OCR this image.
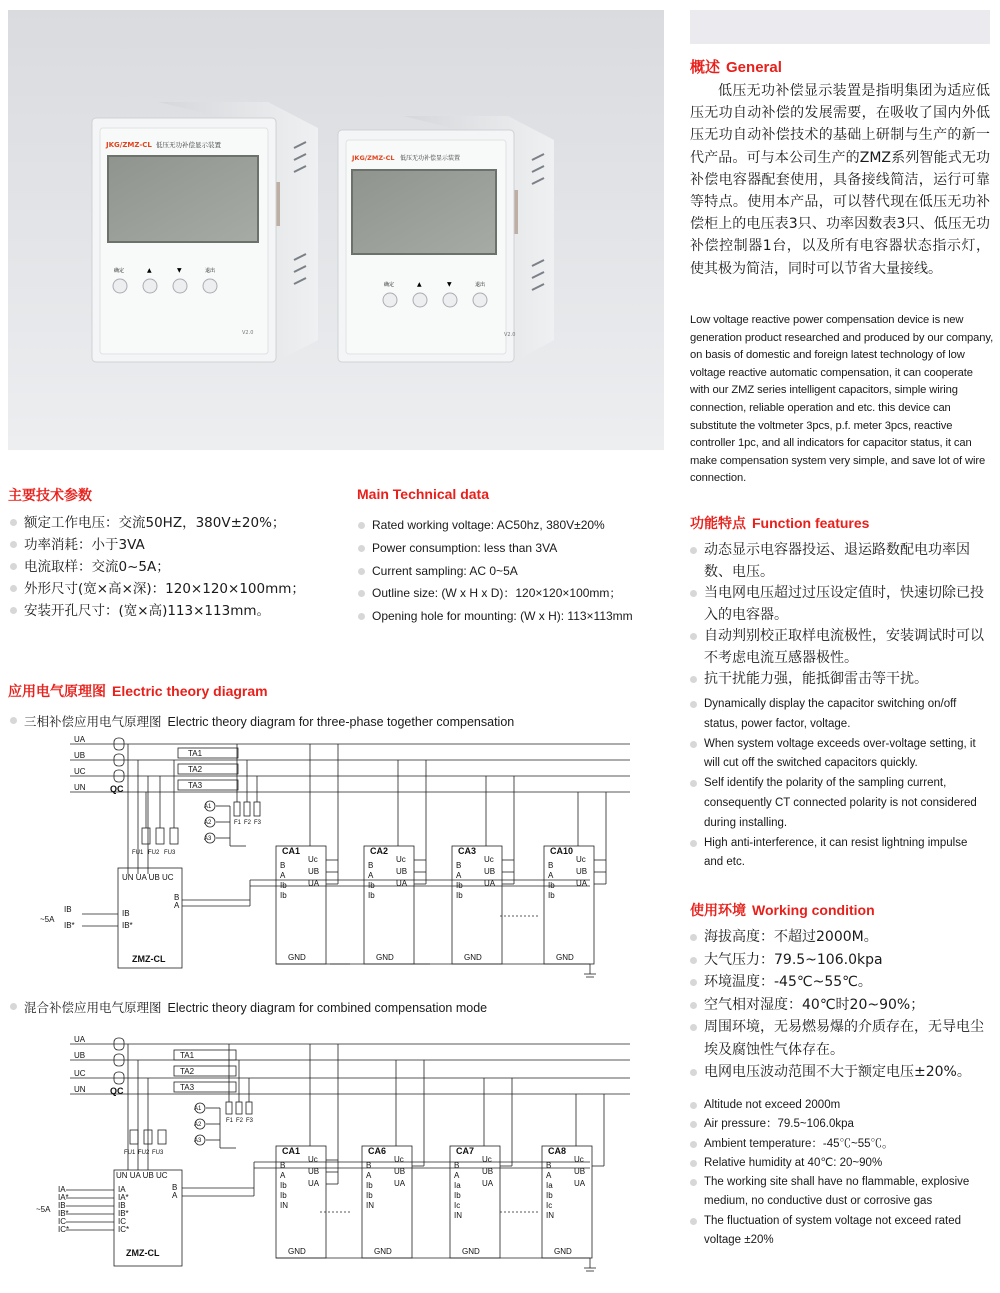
JKG/ZMZ-CL 低压无功补偿显示装置
确定	▲	▼	退出
V2.0
JKG/ZMZ-CL 低压无功补偿显示装置
确定	▲	▼	退出
V2.0
概述 General
低压无功补偿显示装置是指明集团为适应低压无功自动补偿的发展需要，在吸收了国内外低压无功自动补偿技术的基础上研制与生产的新一代产品。可与本公司生产的ZMZ系列智能式无功补偿电容器配套使用，具备接线简洁，运行可靠等特点。使用本产品，可以替代现在低压无功补偿柜上的电压表3只、功率因数表3只、低压无功补偿控制器1台，以及所有电容器状态指示灯，使其极为简洁，同时可以节省大量接线。
Low voltage reactive power compensation device is new generation product researched and produced by our company, on basis of domestic and foreign latest technology of low voltage reactive automatic compensation, it can cooperate with our ZMZ series intelligent capacitors, simple wiring connection, reliable operation and etc. this device can substitute the voltmeter 3pcs, p.f. meter 3pcs, reactive controller 1pc, and all indicators for capacitor status, it can make compensation system very simple, and save lot of wire connection.
主要技术参数	Main Technical data
额定工作电压：交流50HZ，380V±20%；
功率消耗：小于3VA
电流取样：交流0~5A；
外形尺寸(宽×高×深)：120×120×100mm；
安装开孔尺寸：(宽×高)113×113mm。
Rated working voltage: AC50hz, 380V±20%
Power consumption: less than 3VA
Current sampling: AC 0~5A
Outline size: (W x H x D)：120×120×100mm；
Opening hole for mounting: (W x H): 113×113mm
功能特点 Function features
动态显示电容器投运、退运路数配电功率因数、电压。
当电网电压超过过压设定值时，快速切除已投入的电容器。
自动判别校正取样电流极性，安装调试时可以不考虑电流互感器极性。
抗干扰能力强，能抵御雷击等干扰。
Dynamically display the capacitor switching on/off status, power factor, voltage.
When system voltage exceeds over-voltage setting, it will cut off the switched capacitors quickly.
Self identify the polarity of the sampling current, consequently CT connected polarity is not considered during installing.
High anti-interference, it can resist lightning impulse and etc.
使用环境 Working condition
海拔高度：不超过2000M。
大气压力：79.5~106.0kpa
环境温度：-45℃~55℃。
空气相对湿度：40℃时20~90%；
周围环境，无易燃易爆的介质存在，无导电尘埃及腐蚀性气体存在。
电网电压波动范围不大于额定电压±20%。
Altitude not exceed 2000m
Air pressure：79.5~106.0kpa
Ambient temperature：-45℃~55℃。
Relative humidity at 40℃: 20~90%
The working site shall have no flammable, explosive medium, no conductive dust or corrosive gas
The fluctuation of system voltage not exceed rated voltage ±20%
应用电气原理图 Electric theory diagram
三相补偿应用电气原理图 Electric theory diagram for three-phase together compensation
UA
UB
UC
UN	QC
TA1
TA2
TA3
A1
A2
A3
F1 F2 F3
FU1 FU2 FU3
UN UA UB UC
B
A
IB
IB*
ZMZ-CL
~5A
IB
IB*
CA1	CA2	CA3	CA10
B
A
Ib
Ib
Uc
UB
UA
GND
B
A
Ib
Ib
Uc
UB
UA
GND
B
A
Ib
Ib
Uc
UB
UA
GND
B
A
Ib
Ib
Uc
UB
UA
GND
混合补偿应用电气原理图 Electric theory diagram for combined compensation mode
UA
UB
UC
UN	QC
TA1
TA2
TA3
A1
A2
A3
F1 F2 F3
FU1 FU2 FU3
UN UA UB UC
B
A
IA
IA*
IB
IB*
IC
IC*
IA
IA*
IB
IB*
IC
IC*
~5A
ZMZ-CL
CA1	CA6	CA7	CA8
B
A
Ib
Ib
IN
Uc
UB
UA
GND
B
A
Ib
Ib
IN
Uc
UB
UA
GND
B
A
Ia
Ib
Ic
IN
Uc
UB
UA
GND
B
A
Ia
Ib
Ic
IN
Uc
UB
UA
GND
